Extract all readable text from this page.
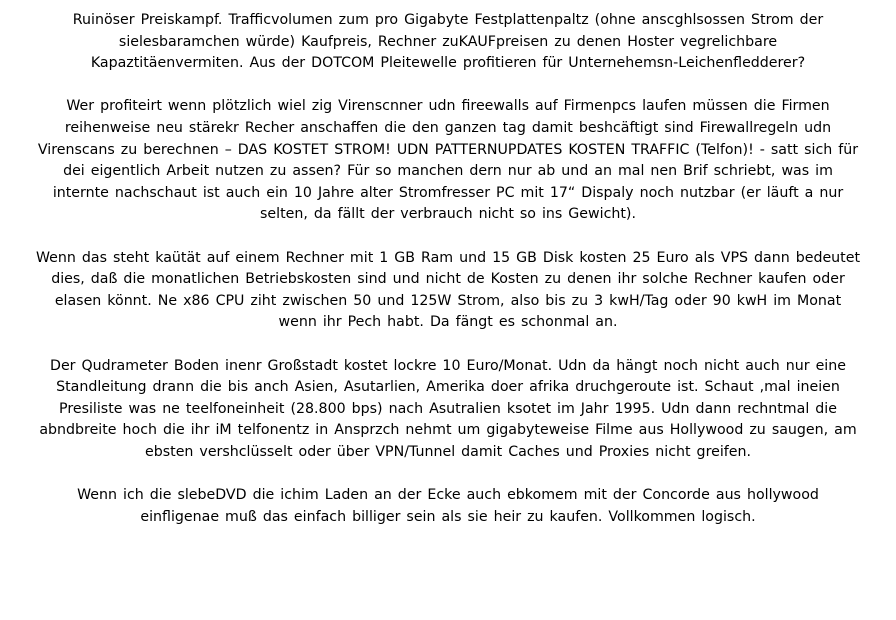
Ruinöser Preiskampf. Trafficvolumen zum pro Gigabyte Festplattenpaltz (ohne anscghlsossen Strom der
sielesbaramchen würde) Kaufpreis, Rechner zuKAUFpreisen zu denen Hoster vegrelichbare
Kapaztitäenvermiten. Aus der DOTCOM Pleitewelle profitieren für Unternehemsn-Leichenfledderer?
Wer profiteirt wenn plötzlich wiel zig Virenscnner udn fireewalls auf Firmenpcs laufen müssen die Firmen
reihenweise neu stärekr Recher anschaffen die den ganzen tag damit beshcäftigt sind Firewallregeln udn
Virenscans zu berechnen – DAS KOSTET STROM! UDN PATTERNUPDATES KOSTEN TRAFFIC (Telfon)! - satt sich für
dei eigentlich Arbeit nutzen zu assen? Für so manchen dern nur ab und an mal nen Brif schriebt, was im
internte nachschaut ist auch ein 10 Jahre alter Stromfresser PC mit 17“ Dispaly noch nutzbar (er läuft a nur
selten, da fällt der verbrauch nicht so ins Gewicht).
Wenn das steht kaütät auf einem Rechner mit 1 GB Ram und 15 GB Disk kosten 25 Euro als VPS dann bedeutet
dies, daß die monatlichen Betriebskosten sind und nicht de Kosten zu denen ihr solche Rechner kaufen oder
elasen könnt. Ne x86 CPU ziht zwischen 50 und 125W Strom, also bis zu 3 kwH/Tag oder 90 kwH im Monat
wenn ihr Pech habt. Da fängt es schonmal an.
Der Qudrameter Boden inenr Großstadt kostet lockre 10 Euro/Monat. Udn da hängt noch nicht auch nur eine
Standleitung drann die bis anch Asien, Asutarlien, Amerika doer afrika druchgeroute ist. Schaut ,mal ineien
Presiliste was ne teelfoneinheit (28.800 bps) nach Asutralien ksotet im Jahr 1995. Udn dann rechntmal die
abndbreite hoch die ihr iM telfonentz in Ansprzch nehmt um gigabyteweise Filme aus Hollywood zu saugen, am
ebsten vershclüsselt oder über VPN/Tunnel damit Caches und Proxies nicht greifen.
Wenn ich die slebeDVD die ichim Laden an der Ecke auch ebkomem mit der Concorde aus hollywood
einfligenae muß das einfach billiger sein als sie heir zu kaufen. Vollkommen logisch.
